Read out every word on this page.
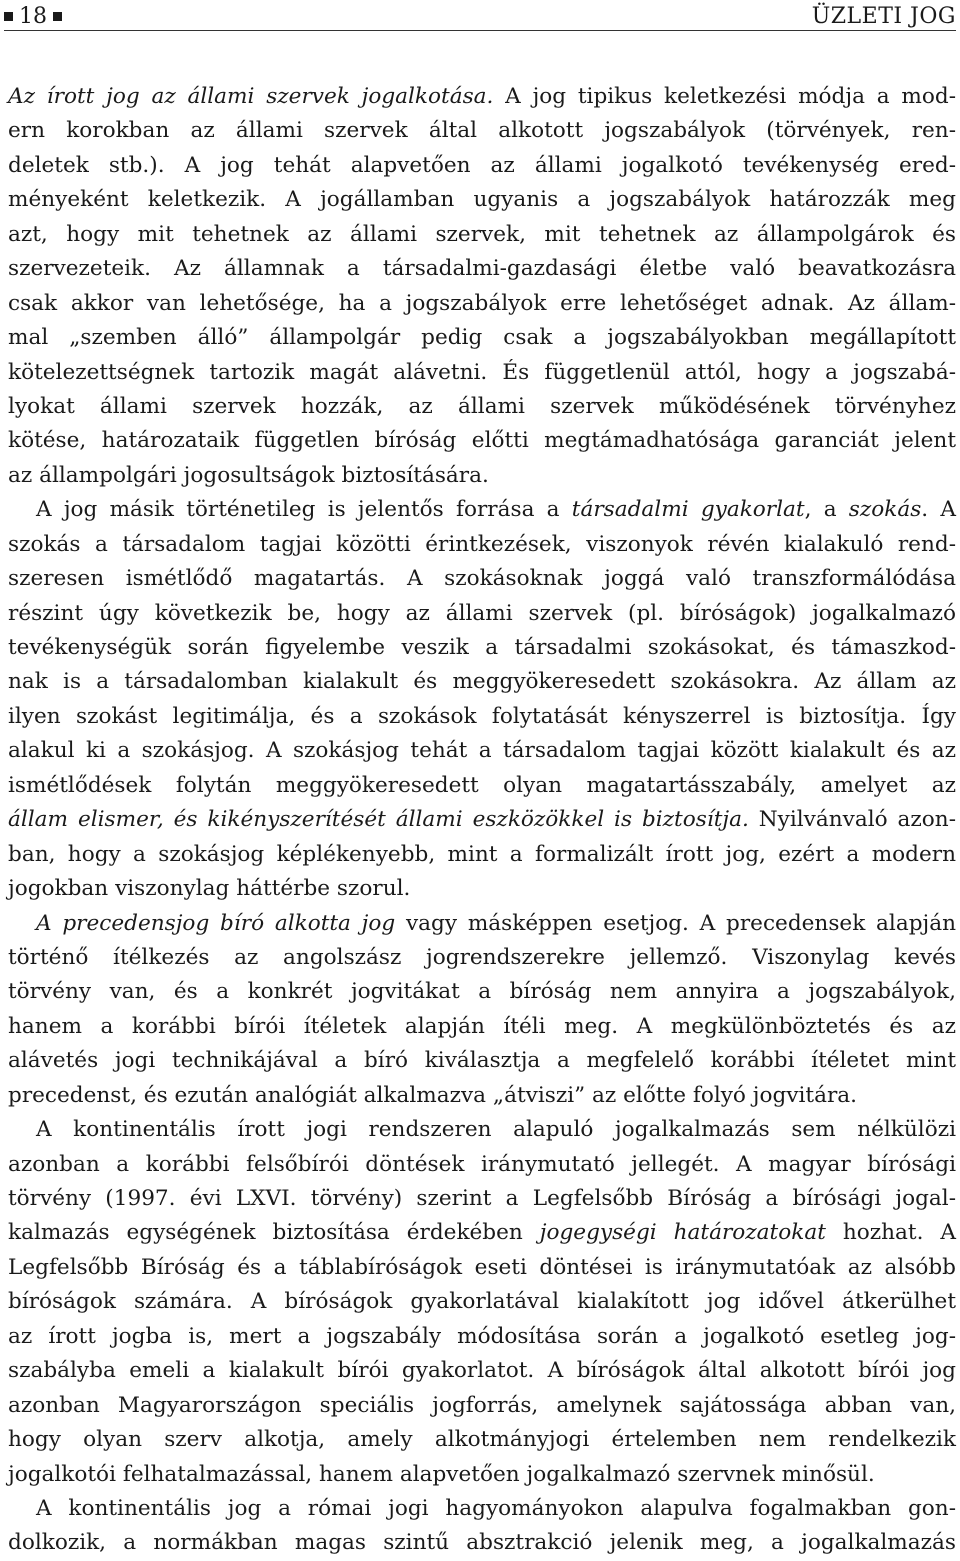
18	ÜZLETI JOG
Az írott jog az állami szervek jogalkotása. A jog tipikus keletkezési módja a mod-
ern korokban az állami szervek által alkotott jogszabályok (törvények, ren-
deletek stb.). A jog tehát alapvetően az állami jogalkotó tevékenység ered-
ményeként keletkezik. A jogállamban ugyanis a jogszabályok határozzák meg
azt, hogy mit tehetnek az állami szervek, mit tehetnek az állampolgárok és
szervezeteik. Az államnak a társadalmi-gazdasági életbe való beavatkozásra
csak akkor van lehetősége, ha a jogszabályok erre lehetőséget adnak. Az állam-
mal „szemben álló” állampolgár pedig csak a jogszabályokban megállapított
kötelezettségnek tartozik magát alávetni. És függetlenül attól, hogy a jogszabá-
lyokat állami szervek hozzák, az állami szervek működésének törvényhez
kötése, határozataik független bíróság előtti megtámadhatósága garanciát jelent
az állampolgári jogosultságok biztosítására.
A jog másik történetileg is jelentős forrása a társadalmi gyakorlat, a szokás. A
szokás a társadalom tagjai közötti érintkezések, viszonyok révén kialakuló rend-
szeresen ismétlődő magatartás. A szokásoknak joggá való transzformálódása
részint úgy következik be, hogy az állami szervek (pl. bíróságok) jogalkalmazó
tevékenységük során figyelembe veszik a társadalmi szokásokat, és támaszkod-
nak is a társadalomban kialakult és meggyökeresedett szokásokra. Az állam az
ilyen szokást legitimálja, és a szokások folytatását kényszerrel is biztosítja. Így
alakul ki a szokásjog. A szokásjog tehát a társadalom tagjai között kialakult és az
ismétlődések folytán meggyökeresedett olyan magatartásszabály, amelyet az
állam elismer, és kikényszerítését állami eszközökkel is biztosítja. Nyilvánvaló azon-
ban, hogy a szokásjog képlékenyebb, mint a formalizált írott jog, ezért a modern
jogokban viszonylag háttérbe szorul.
A precedensjog bíró alkotta jog vagy másképpen esetjog. A precedensek alapján
történő ítélkezés az angolszász jogrendszerekre jellemző. Viszonylag kevés
törvény van, és a konkrét jogvitákat a bíróság nem annyira a jogszabályok,
hanem a korábbi bírói ítéletek alapján ítéli meg. A megkülönböztetés és az
alávetés jogi technikájával a bíró kiválasztja a megfelelő korábbi ítéletet mint
precedenst, és ezután analógiát alkalmazva „átviszi” az előtte folyó jogvitára.
A kontinentális írott jogi rendszeren alapuló jogalkalmazás sem nélkülözi
azonban a korábbi felsőbírói döntések iránymutató jellegét. A magyar bírósági
törvény (1997. évi LXVI. törvény) szerint a Legfelsőbb Bíróság a bírósági jogal-
kalmazás egységének biztosítása érdekében jogegységi határozatokat hozhat. A
Legfelsőbb Bíróság és a táblabíróságok eseti döntései is iránymutatóak az alsóbb
bíróságok számára. A bíróságok gyakorlatával kialakított jog idővel átkerülhet
az írott jogba is, mert a jogszabály módosítása során a jogalkotó esetleg jog-
szabályba emeli a kialakult bírói gyakorlatot. A bíróságok által alkotott bírói jog
azonban Magyarországon speciális jogforrás, amelynek sajátossága abban van,
hogy olyan szerv alkotja, amely alkotmányjogi értelemben nem rendelkezik
jogalkotói felhatalmazással, hanem alapvetően jogalkalmazó szervnek minősül.
A kontinentális jog a római jogi hagyományokon alapulva fogalmakban gon-
dolkozik, a normákban magas szintű absztrakció jelenik meg, a jogalkalmazás
